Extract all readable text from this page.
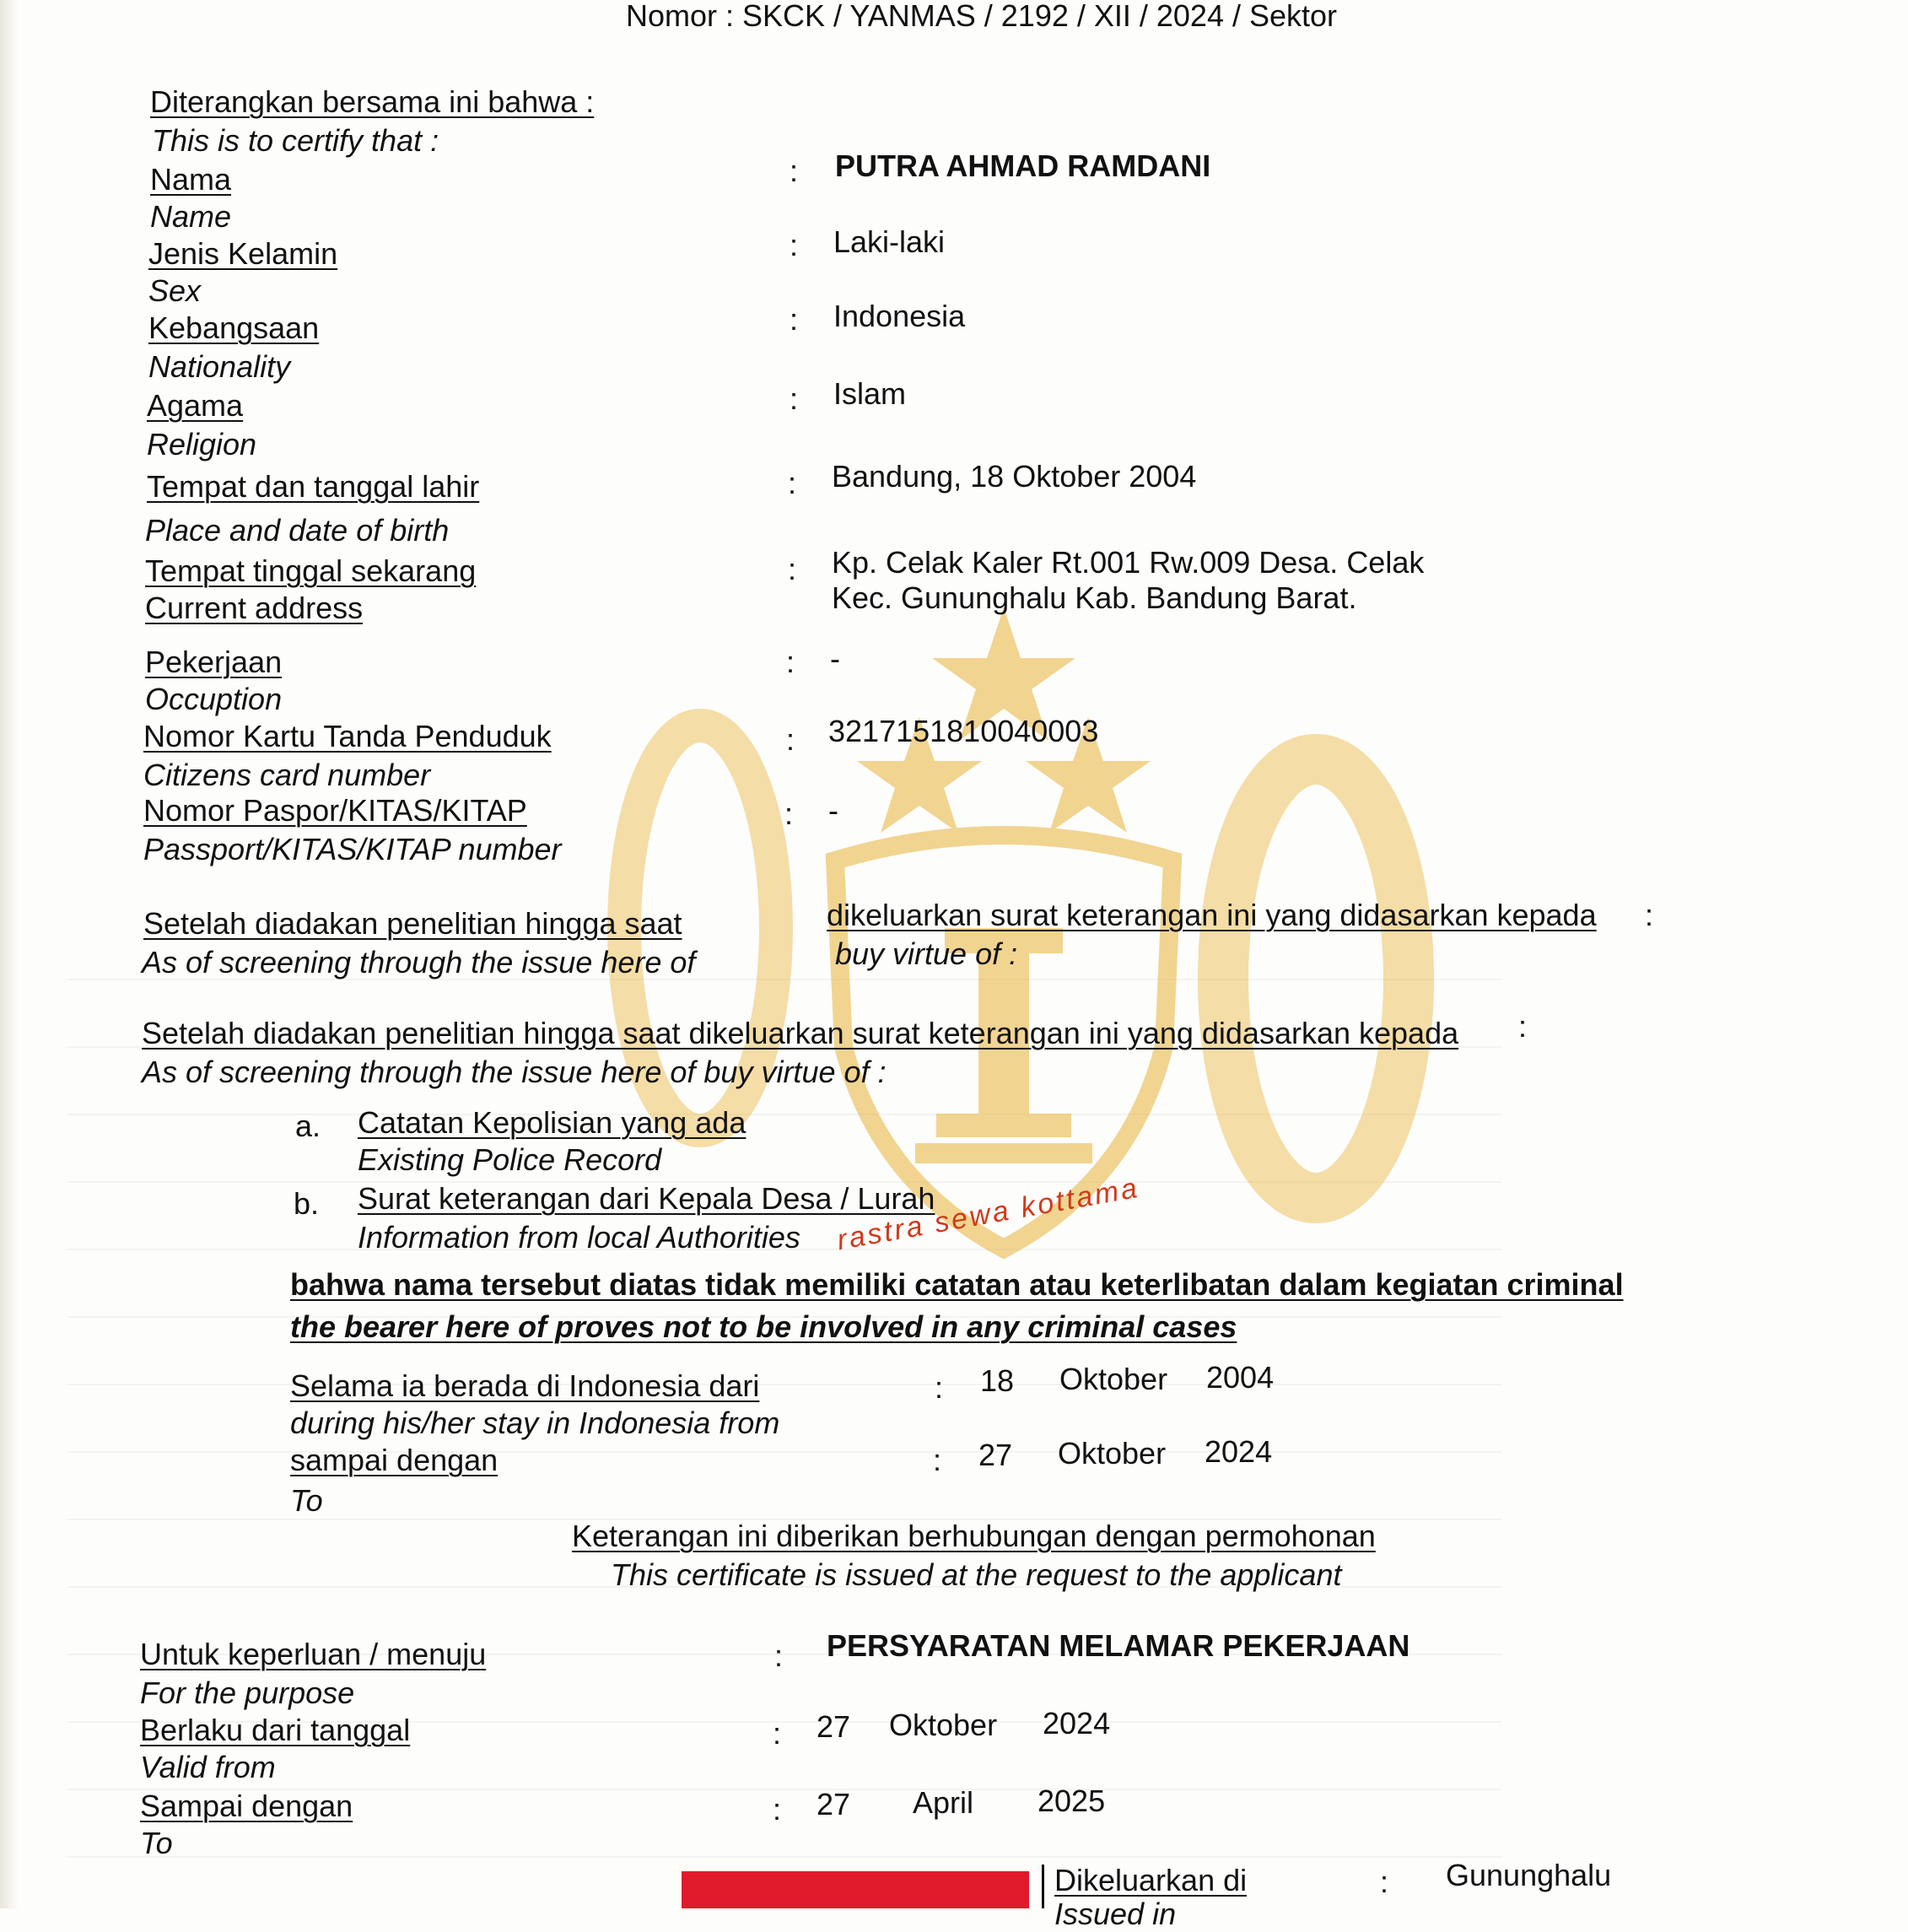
rastra sewa kottama
Nomor : SKCK / YANMAS / 2192 / XII / 2024 / Sektor
Diterangkan bersama ini bahwa :
This is to certify that :
Nama
Name
: PUTRA AHMAD RAMDANI
Jenis Kelamin
Sex
: Laki-laki
Kebangsaan
Nationality
: Indonesia
Agama
Religion
: Islam
Tempat dan tanggal lahir
Place and date of birth
: Bandung, 18 Oktober 2004
Tempat tinggal sekarang
Current address
: Kp. Celak Kaler Rt.001 Rw.009 Desa. Celak
Kec. Gununghalu Kab. Bandung Barat.
Pekerjaan
Occuption
: -
Nomor Kartu Tanda Penduduk
Citizens card number
: 3217151810040003
Nomor Paspor/KITAS/KITAP
Passport/KITAS/KITAP number
: -
Setelah diadakan penelitian hingga saat	dikeluarkan surat keterangan ini yang didasarkan kepada :
As of screening through the issue here of	buy virtue of :
Setelah diadakan penelitian hingga saat dikeluarkan surat keterangan ini yang didasarkan kepada :
As of screening through the issue here of buy virtue of :
a. Catatan Kepolisian yang ada
Existing Police Record
b. Surat keterangan dari Kepala Desa / Lurah
Information from local Authorities
bahwa nama tersebut diatas tidak memiliki catatan atau keterlibatan dalam kegiatan criminal
the bearer here of proves not to be involved in any criminal cases
Selama ia berada di Indonesia dari
during his/her stay in Indonesia from
: 18 Oktober 2004
sampai dengan
To
: 27 Oktober 2024
Keterangan ini diberikan berhubungan dengan permohonan
This certificate is issued at the request to the applicant
Untuk keperluan / menuju
For the purpose
: PERSYARATAN MELAMAR PEKERJAAN
Berlaku dari tanggal
Valid from
: 27 Oktober 2024
Sampai dengan
To
: 27 April 2025
Dikeluarkan di
Issued in
: Gununghalu
